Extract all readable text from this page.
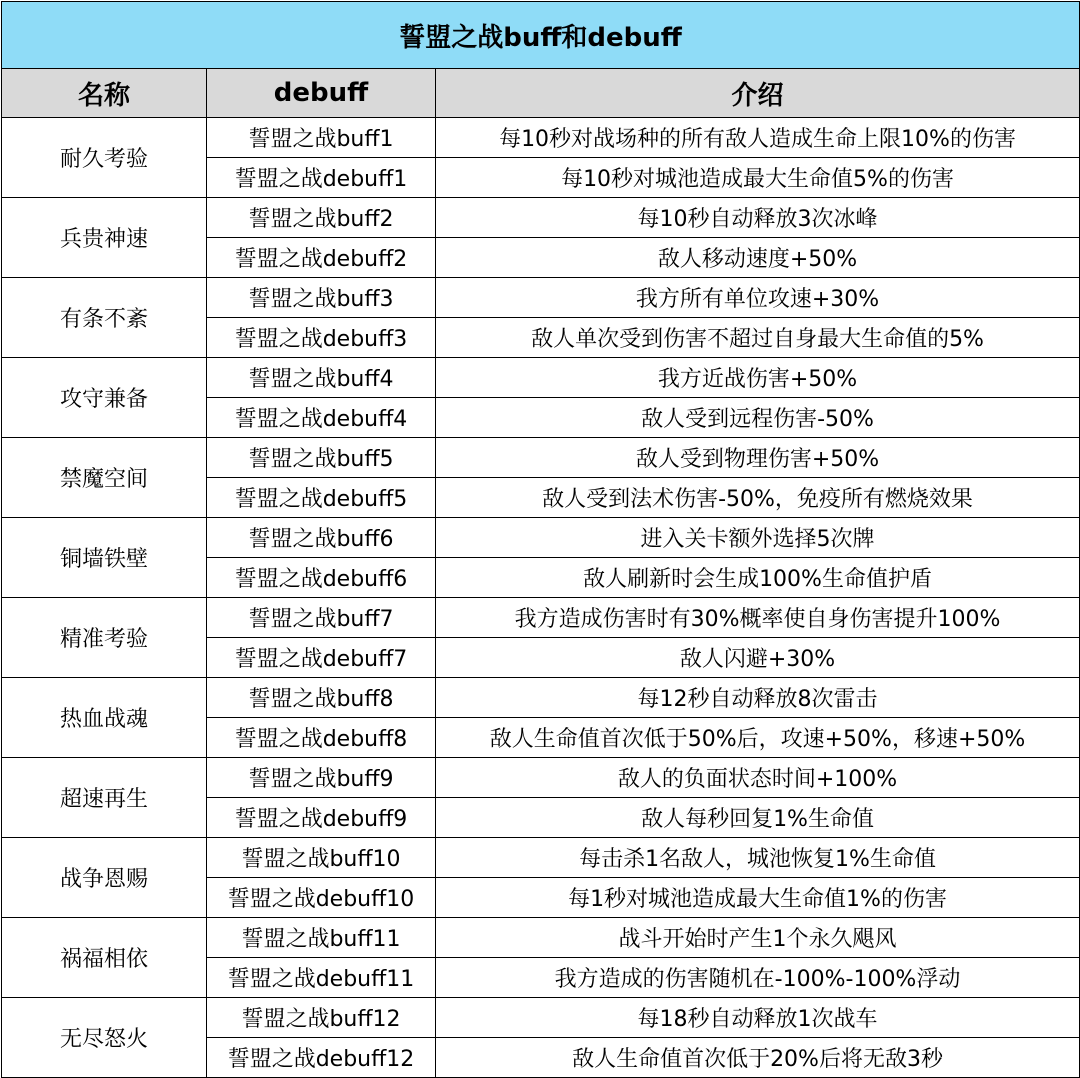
誓盟之战buff和debuff		
名称	debuff	介绍
耐久考验	誓盟之战buff1	每10秒对战场种的所有敌人造成生命上限10%的伤害
	誓盟之战debuff1	每10秒对城池造成最大生命值5%的伤害
兵贵神速	誓盟之战buff2	每10秒自动释放3次冰峰
	誓盟之战debuff2	敌人移动速度+50%
有条不紊	誓盟之战buff3	我方所有单位攻速+30%
	誓盟之战debuff3	敌人单次受到伤害不超过自身最大生命值的5%
攻守兼备	誓盟之战buff4	我方近战伤害+50%
	誓盟之战debuff4	敌人受到远程伤害-50%
禁魔空间	誓盟之战buff5	敌人受到物理伤害+50%
	誓盟之战debuff5	敌人受到法术伤害-50%，免疫所有燃烧效果
铜墙铁壁	誓盟之战buff6	进入关卡额外选择5次牌
	誓盟之战debuff6	敌人刷新时会生成100%生命值护盾
精准考验	誓盟之战buff7	我方造成伤害时有30%概率使自身伤害提升100%
	誓盟之战debuff7	敌人闪避+30%
热血战魂	誓盟之战buff8	每12秒自动释放8次雷击
	誓盟之战debuff8	敌人生命值首次低于50%后，攻速+50%，移速+50%
超速再生	誓盟之战buff9	敌人的负面状态时间+100%
	誓盟之战debuff9	敌人每秒回复1%生命值
战争恩赐	誓盟之战buff10	每击杀1名敌人，城池恢复1%生命值
	誓盟之战debuff10	每1秒对城池造成最大生命值1%的伤害
祸福相依	誓盟之战buff11	战斗开始时产生1个永久飓风
	誓盟之战debuff11	我方造成的伤害随机在-100%-100%浮动
无尽怒火	誓盟之战buff12	每18秒自动释放1次战车
	誓盟之战debuff12	敌人生命值首次低于20%后将无敌3秒
